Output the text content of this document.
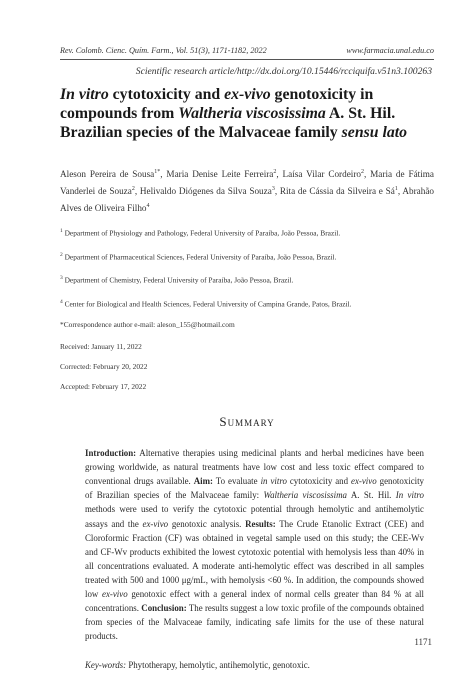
Rev. Colomb. Cienc. Quím. Farm., Vol. 51(3), 1171-1182, 2022	www.farmacia.unal.edu.co
Scientific research article/http://dx.doi.org/10.15446/rcciquifa.v51n3.100263
In vitro cytotoxicity and ex-vivo genotoxicity in compounds from Waltheria viscosissima A. St. Hil. Brazilian species of the Malvaceae family sensu lato
Aleson Pereira de Sousa$^{1*}$, Maria Denise Leite Ferreira$^2$, Laísa Vilar Cordeiro$^2$, Maria de Fátima Vanderlei de Souza$^2$, Helivaldo Diógenes da Silva Souza$^3$, Rita de Cássia da Silveira e $Sá^1$, Abrahão Alves de Oliveira Filho$^4$
$^1$ Department of Physiology and Pathology, Federal University of Paraíba, João Pessoa, Brazil.
$^2$ Department of Pharmaceutical Sciences, Federal University of Paraíba, João Pessoa, Brazil.
$^3$ Department of Chemistry, Federal University of Paraíba, João Pessoa, Brazil.
$^4$ Center for Biological and Health Sciences, Federal University of Campina Grande, Patos, Brazil.
*Correspondence author e-mail: aleson_155@hotmail.com

Received: January 11, 2022

Corrected: February 20, 2022

Accepted: February 17, 2022

Summary

Introduction: Alternative therapies using medicinal plants and herbal medicines have been growing worldwide, as natural treatments have low cost and less toxic effect compared to conventional drugs available. Aim: To evaluate in vitro cytotoxicity and ex-vivo genotoxicity of Brazilian species of the Malvaceae family: Waltheria viscosissima A. St. Hil. In vitro methods were used to verify the cytotoxic potential through hemolytic and antihemolytic assays and the ex-vivo genotoxic analysis. Results: The Crude Etanolic Extract (CEE) and Cloroformic Fraction (CF) was obtained in vegetal sample used on this study; the CEE-Wv and CF-Wv products exhibited the lowest cytotoxic potential with hemolysis less than 40% in all concentrations evaluated. A moderate anti-hemolytic effect was described in all samples treated with 500 and 1000 μg/mL, with hemolysis <60 %. In addition, the compounds showed low ex-vivo genotoxic effect with a general index of normal cells greater than 84 % at all concentrations. Conclusion: The results suggest a low toxic profile of the compounds obtained from species of the Malvaceae family, indicating safe limits for the use of these natural products.

Key-words: Phytotherapy, hemolytic, antihemolytic, genotoxic.

1171
